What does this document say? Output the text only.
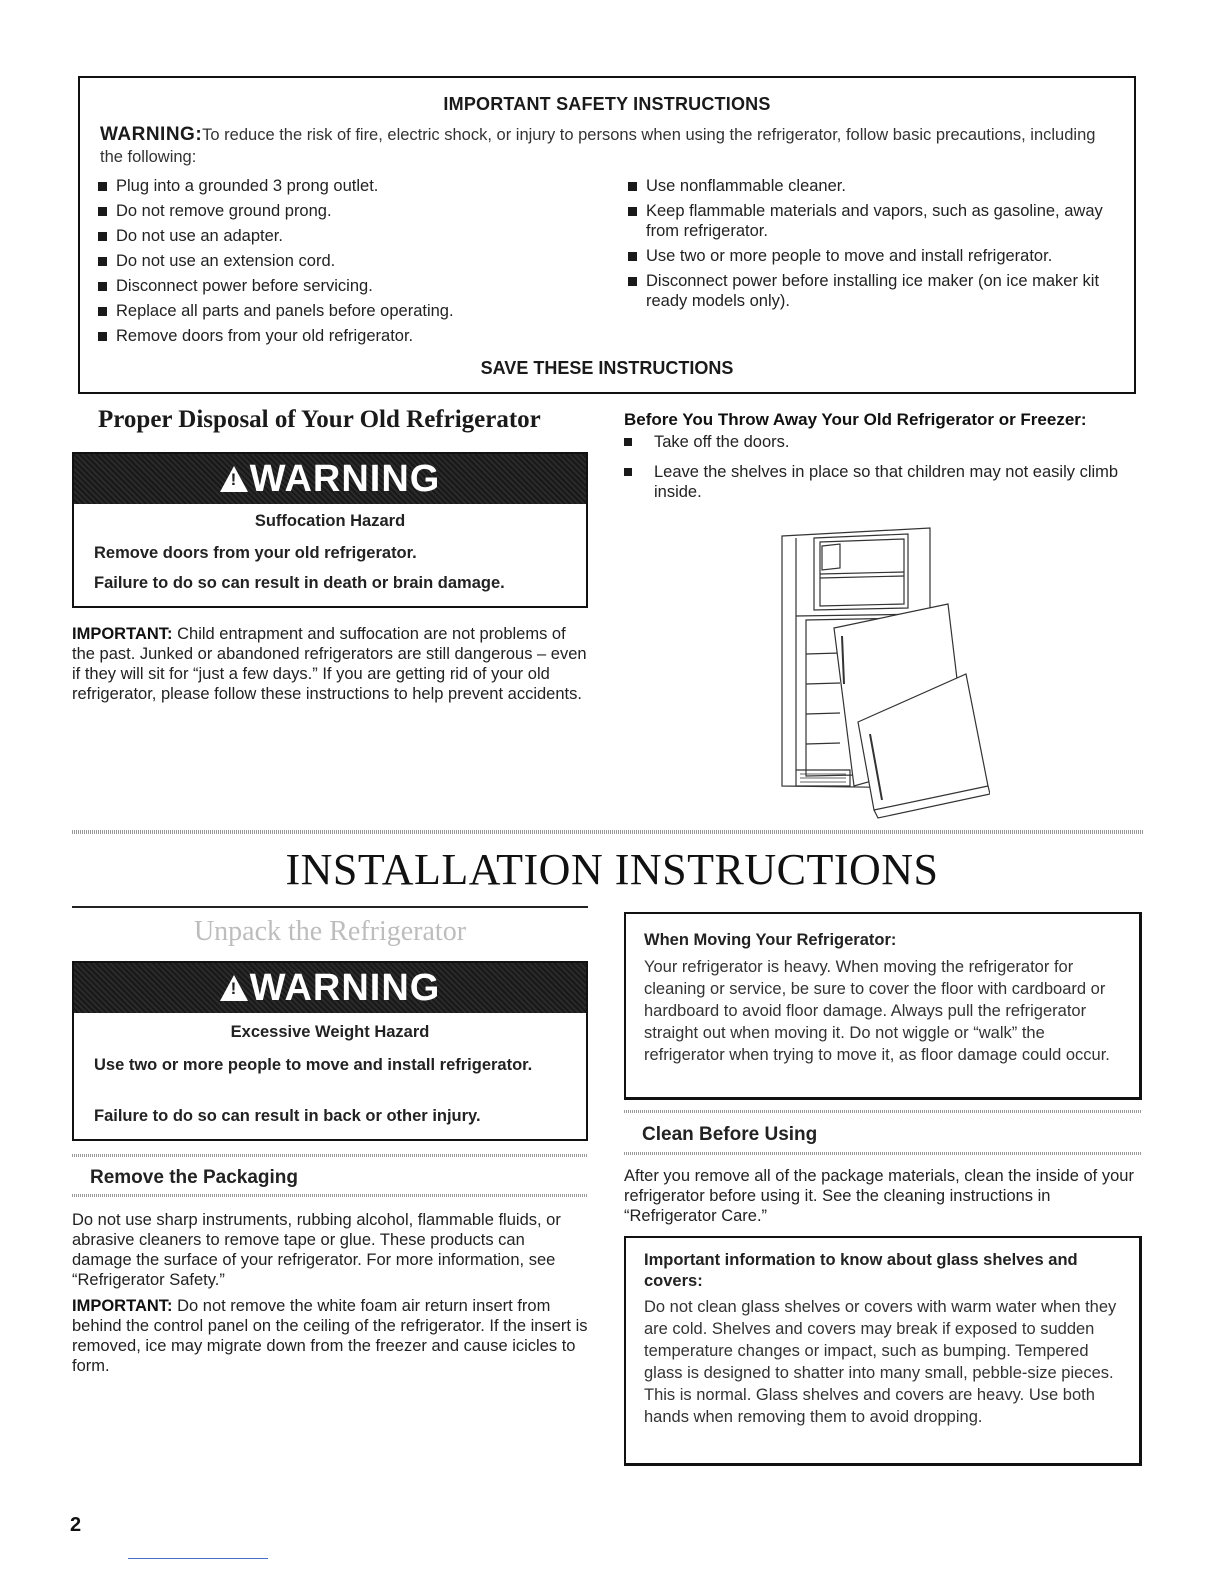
IMPORTANT SAFETY INSTRUCTIONS
WARNING:To reduce the risk of fire, electric shock, or injury to persons when using the refrigerator, follow basic precautions, including the following:
Plug into a grounded 3 prong outlet.
Do not remove ground prong.
Do not use an adapter.
Do not use an extension cord.
Disconnect power before servicing.
Replace all parts and panels before operating.
Remove doors from your old refrigerator.
Use nonflammable cleaner.
Keep flammable materials and vapors, such as gasoline, away from refrigerator.
Use two or more people to move and install refrigerator.
Disconnect power before installing ice maker (on ice maker kit ready models only).
SAVE THESE INSTRUCTIONS
Proper Disposal of Your Old Refrigerator
! WARNING
Suffocation Hazard
Remove doors from your old refrigerator.
Failure to do so can result in death or brain damage.
IMPORTANT: Child entrapment and suffocation are not problems of the past. Junked or abandoned refrigerators are still dangerous – even if they will sit for “just a few days.” If you are getting rid of your old refrigerator, please follow these instructions to help prevent accidents.
Before You Throw Away Your Old Refrigerator or Freezer:
Take off the doors.
Leave the shelves in place so that children may not easily climb inside.
INSTALLATION INSTRUCTIONS
Unpack the Refrigerator
! WARNING
Excessive Weight Hazard
Use two or more people to move and install refrigerator.
Failure to do so can result in back or other injury.
Remove the Packaging
Do not use sharp instruments, rubbing alcohol, flammable fluids, or abrasive cleaners to remove tape or glue. These products can damage the surface of your refrigerator. For more information, see “Refrigerator Safety.”
IMPORTANT: Do not remove the white foam air return insert from behind the control panel on the ceiling of the refrigerator. If the insert is removed, ice may migrate down from the freezer and cause icicles to form.
When Moving Your Refrigerator:
Your refrigerator is heavy. When moving the refrigerator for cleaning or service, be sure to cover the floor with cardboard or hardboard to avoid floor damage. Always pull the refrigerator straight out when moving it. Do not wiggle or “walk” the refrigerator when trying to move it, as floor damage could occur.
Clean Before Using
After you remove all of the package materials, clean the inside of your refrigerator before using it. See the cleaning instructions in “Refrigerator Care.”
Important information to know about glass shelves and covers:
Do not clean glass shelves or covers with warm water when they are cold. Shelves and covers may break if exposed to sudden temperature changes or impact, such as bumping. Tempered glass is designed to shatter into many small, pebble-size pieces. This is normal. Glass shelves and covers are heavy. Use both hands when removing them to avoid dropping.
2
